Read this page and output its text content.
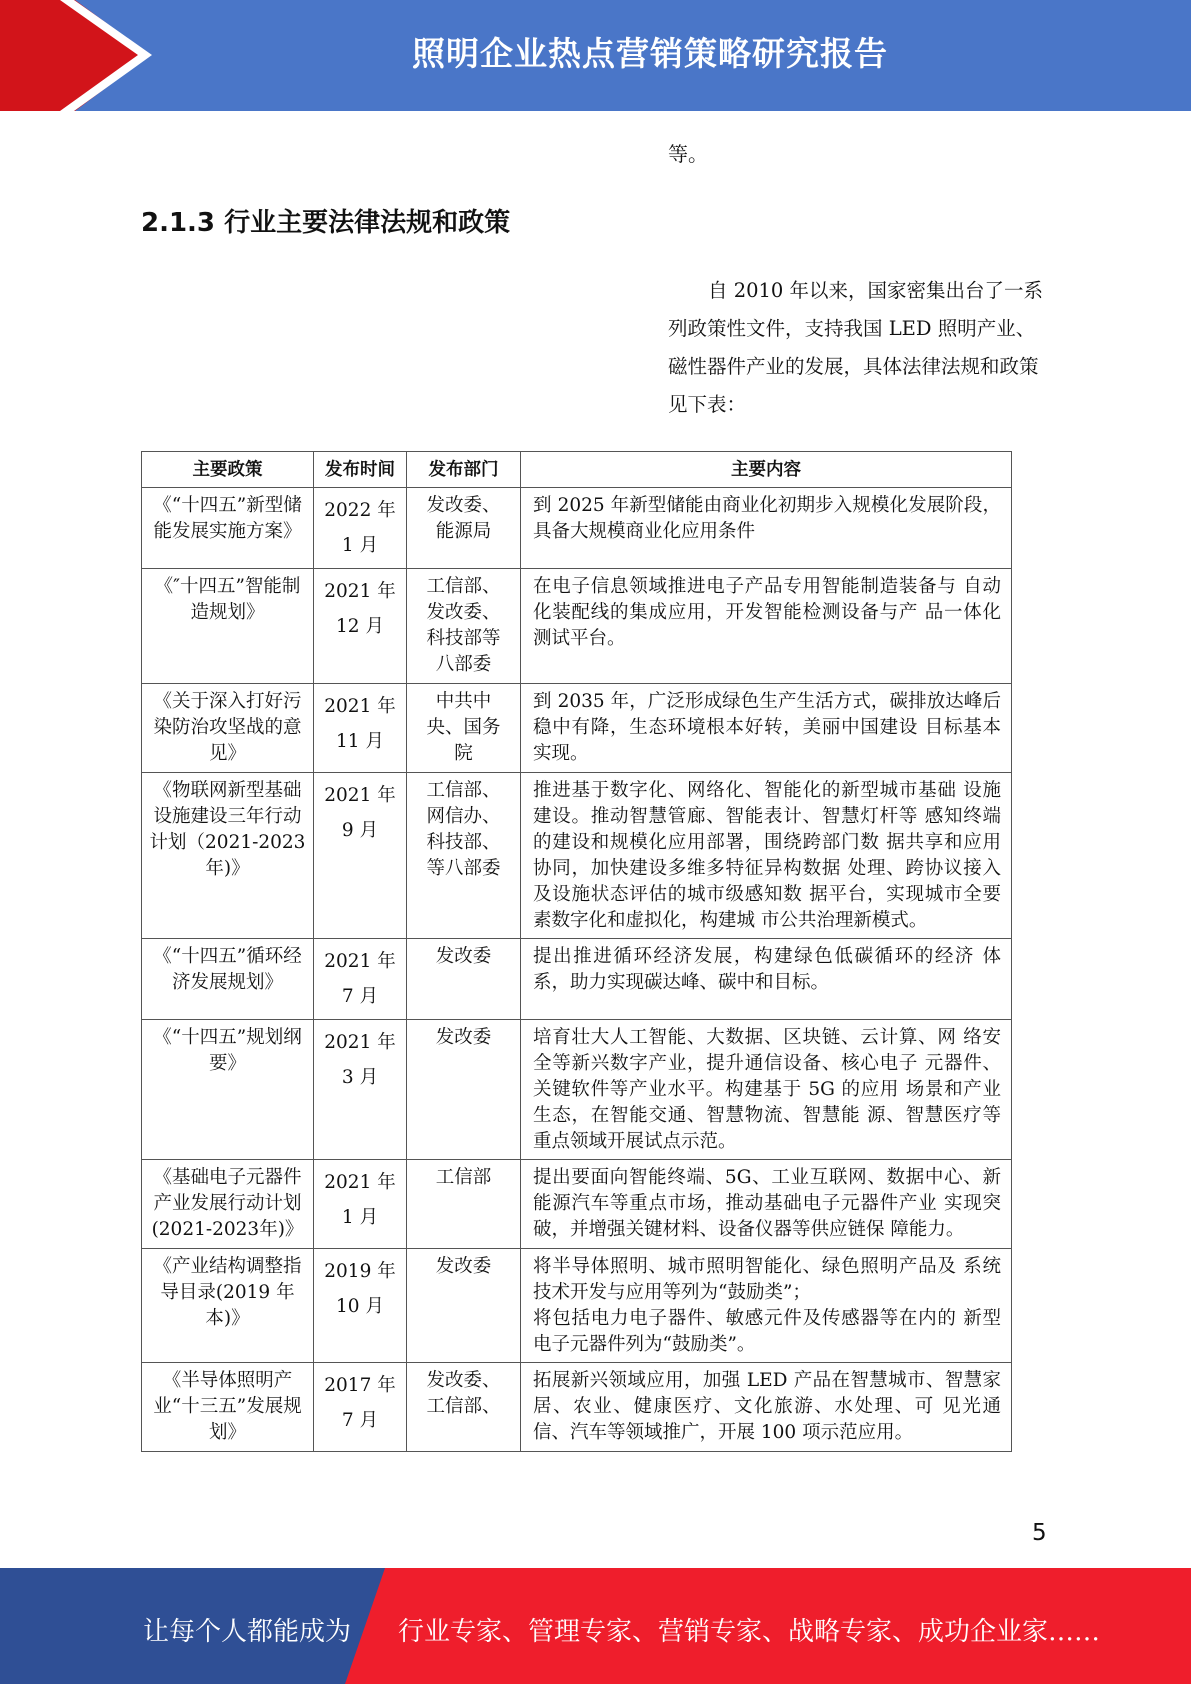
照明企业热点营销策略研究报告
等。
2.1.3 行业主要法律法规和政策
自 2010 年以来，国家密集出台了一系列政策性文件，支持我国 LED 照明产业、磁性器件产业的发展，具体法律法规和政策见下表：
主要政策	发布时间	发布部门	主要内容
《“十四五”新型储能发展实施方案》	2022 年 1 月	发改委、能源局	到 2025 年新型储能由商业化初期步入规模化发展阶段，具备大规模商业化应用条件
《″十四五”智能制造规划》	2021 年 12 月	工信部、发改委、科技部等八部委	在电子信息领域推进电子产品专用智能制造装备与 自动化装配线的集成应用，开发智能检测设备与产 品一体化测试平台。
《关于深入打好污染防治攻坚战的意见》	2021 年 11 月	中共中央、国务院	到 2035 年，广泛形成绿色生产生活方式，碳排放达峰后稳中有降，生态环境根本好转，美丽中国建设 目标基本实现。
《物联网新型基础设施建设三年行动计划（2021-2023 年)》	2021 年 9 月	工信部、 网信办、 科技部、 等八部委	推进基于数字化、网络化、智能化的新型城市基础 设施建设。推动智慧管廊、智能表计、智慧灯杆等 感知终端的建设和规模化应用部署，围绕跨部门数 据共享和应用协同，加快建设多维多特征异构数据 处理、跨协议接入及设施状态评估的城市级感知数 据平台，实现城市全要素数字化和虚拟化，构建城 市公共治理新模式。
《“十四五”循环经济发展规划》	2021 年 7 月	发改委	提出推进循环经济发展，构建绿色低碳循环的经济 体系，助力实现碳达峰、碳中和目标。
《“十四五”规划纲要》	2021 年 3 月	发改委	培育壮大人工智能、大数据、区块链、云计算、网 络安全等新兴数字产业，提升通信设备、核心电子 元器件、关键软件等产业水平。构建基于 5G 的应用 场景和产业生态，在智能交通、智慧物流、智慧能 源、智慧医疗等重点领域开展试点示范。
《基础电子元器件产业发展行动计划(2021-2023年)》	2021 年 1 月	工信部	提出要面向智能终端、5G、工业互联网、数据中心、新能源汽车等重点市场，推动基础电子元器件产业 实现突破，并增强关键材料、设备仪器等供应链保 障能力。
《产业结构调整指导目录(2019 年本)》	2019 年 10 月	发改委	将半导体照明、城市照明智能化、绿色照明产品及 系统技术开发与应用等列为“鼓励类”；
将包括电力电子器件、敏感元件及传感器等在内的 新型电子元器件列为“鼓励类”。
《半导体照明产业“十三五”发展规划》	2017 年 7 月	发改委、 工信部、	拓展新兴领域应用，加强 LED 产品在智慧城市、智慧家居、农业、健康医疗、文化旅游、水处理、可 见光通信、汽车等领域推广，开展 100 项示范应用。
5
让每个人都能成为 行业专家、管理专家、营销专家、战略专家、成功企业家……
